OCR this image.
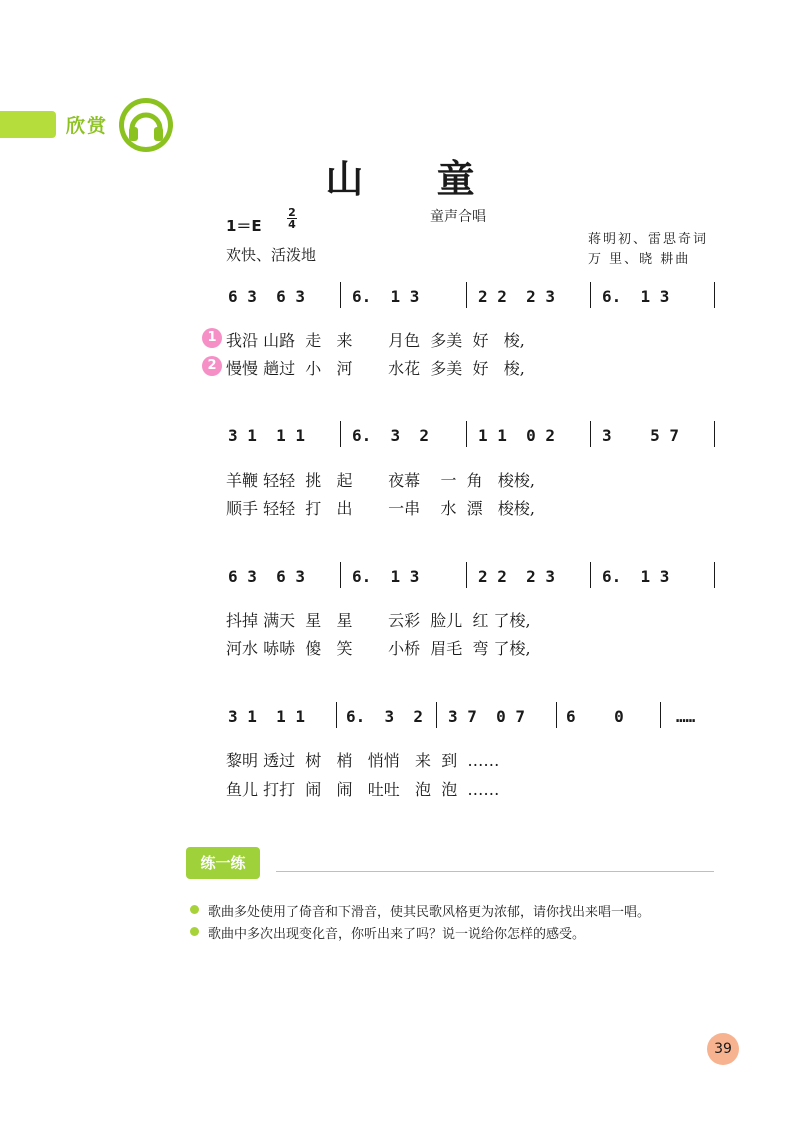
欣赏
山 童
童声合唱
1＝E
2
4
欢快、活泼地
蒋明初、雷思奇词
万 里、晓 耕曲
6 3  6 3	6.  1 3	2 2  2 3	6.  1 3
1 我沿 山路  走   来       月色  多美  好   梭,
2 慢慢 趟过  小   河       水花  多美  好   梭,
3 1  1 1	6.  3  2	1 1  0 2	3    5 7
羊鞭 轻轻  挑   起       夜幕    一  角   梭梭,
顺手 轻轻  打   出       一串    水  漂   梭梭,
6 3  6 3	6.  1 3	2 2  2 3	6.  1 3
抖掉 满天  星   星       云彩  脸儿  红 了梭,
河水 哧哧  傻   笑       小桥  眉毛  弯 了梭,
3 1  1 1	6.  3  2 3 7  0 7	6    0	……
黎明 透过  树   梢   悄悄   来  到  ……
鱼儿 打打  闹   闹   吐吐   泡  泡  ……
练一练
歌曲多处使用了倚音和下滑音，使其民歌风格更为浓郁，请你找出来唱一唱。
歌曲中多次出现变化音，你听出来了吗？说一说给你怎样的感受。
39
